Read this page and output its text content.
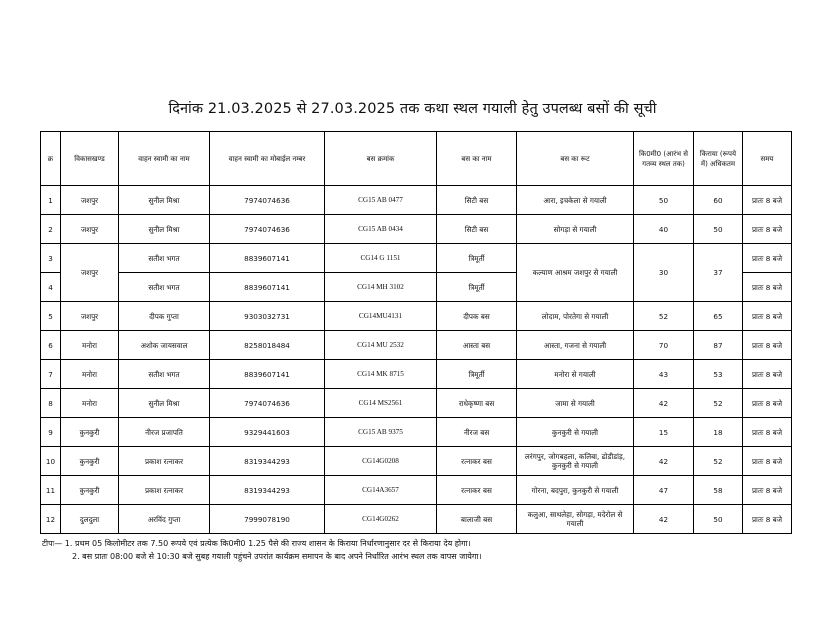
दिनांक 21.03.2025 से 27.03.2025 तक कथा स्थल गयाली हेतु उपलब्ध बसों की सूची
क्र	विकासखण्ड	वाहन स्वामी का नाम	वाहन स्वामी का मोबाईल नम्बर	बस क्रमांक	बस का नाम	बस का रूट	कि0मी0 (आरंभ से गतव्य स्थल तक)	किराया (रूपये में) अधिकतम	समय
1	जशपुर	सुनील मिश्रा	7974074636	CG15 AB 0477	सिटी बस	आरा, इचकेला से गयाली	50	60	प्रातः 8 बजे
2	जशपुर	सुनील मिश्रा	7974074636	CG15 AB 0434	सिटी बस	सोगड़ा से गयाली	40	50	प्रातः 8 बजे
3	जशपुर	सतीश भगत	8839607141	CG14 G 1151	त्रिमूर्ती	कल्याण आश्रम जशपुर से गयाली	30	37	प्रातः 8 बजे
4		सतीश भगत	8839607141	CG14 MH 3102	त्रिमूर्ती				प्रातः 8 बजे
5	जशपुर	दीपक गुप्ता	9303032731	CG14MU4131	दीपक बस	लोदाम, पोरतेगा से गयाली	52	65	प्रातः 8 बजे
6	मनोरा	अशोक जायसवाल	8258018484	CG14 MU 2532	आस्ता बस	आस्ता, गजना से गयाली	70	87	प्रातः 8 बजे
7	मनोरा	सतीश भगत	8839607141	CG14 MK 8715	त्रिमूर्ती	मनोरा से गयाली	43	53	प्रातः 8 बजे
8	मनोरा	सुनील मिश्रा	7974074636	CG14 MS2561	राधेकृष्णा बस	जामा से गयाली	42	52	प्रातः 8 बजे
9	कुनकुरी	नीरज प्रजापति	9329441603	CG15 AB 9375	नीरज बस	कुनकुरी से गयाली	15	18	प्रातः 8 बजे
10	कुनकुरी	प्रकाश रत्नाकर	8319344293	CG14G0208	रत्नाकर बस	लरंगपुर, जोगबहला, कलिबा, ढोडीडांड़, कुनकुरी से गयाली	42	52	प्रातः 8 बजे
11	कुनकुरी	प्रकाश रत्नाकर	8319344293	CG14A3657	रत्नाकर बस	गोरना, बदपुरा, कुनकुरी से गयाली	47	58	प्रातः 8 बजे
12	दुलदुला	अरविंद गुप्ता	7999078190	CG14G0262	बालाजी बस	कलुआ, साथलेहा, सोगड़ा, मदेरोल से गयाली	42	50	प्रातः 8 बजे
टीपः— 1. प्रथम 05 किलोमीटर तक 7.50 रूपये एवं प्रत्येक कि0मी0 1.25 पैसे की राज्य शासन के किराया निर्धारणानुसार दर से किराया देय होगा।
2. बस प्रातः 08:00 बजे से 10:30 बजे सुबह गयाली पहुंचने उपरांत कार्यक्रम समापन के बाद अपने निर्धारित आरंभ स्थल तक वापस जायेगा।
